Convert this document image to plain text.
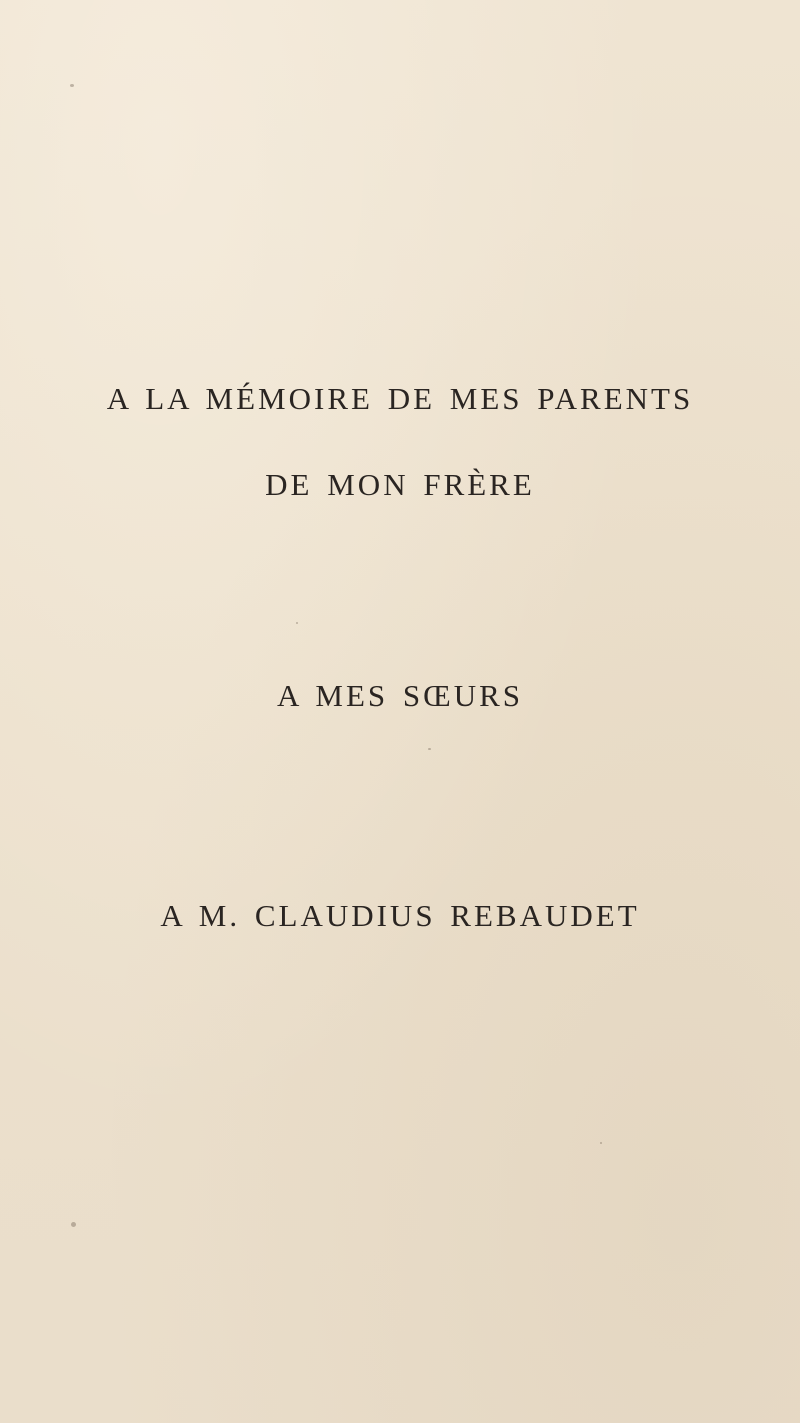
A LA MÉMOIRE DE MES PARENTS
DE MON FRÈRE
A MES SŒURS
A M. CLAUDIUS REBAUDET
